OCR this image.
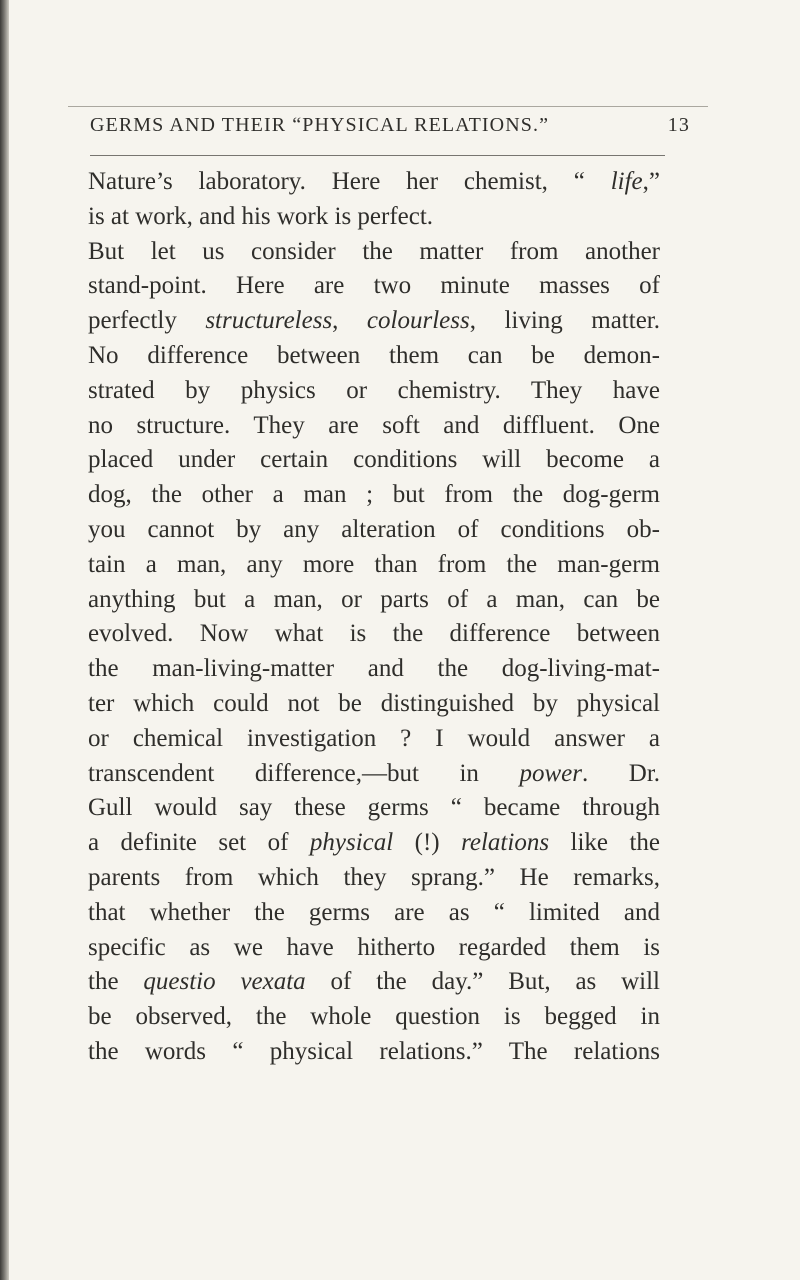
GERMS AND THEIR “PHYSICAL RELATIONS.”	13
Nature’s laboratory. Here her chemist, “ life,”
is at work, and his work is perfect.
But let us consider the matter from another
stand-point. Here are two minute masses of
perfectly structureless, colourless, living matter.
No difference between them can be demon-
strated by physics or chemistry. They have
no structure. They are soft and diffluent. One
placed under certain conditions will become a
dog, the other a man ; but from the dog-germ
you cannot by any alteration of conditions ob-
tain a man, any more than from the man-germ
anything but a man, or parts of a man, can be
evolved. Now what is the difference between
the man-living-matter and the dog-living-mat-
ter which could not be distinguished by physical
or chemical investigation ? I would answer a
transcendent difference,—but in power. Dr.
Gull would say these germs “ became through
a definite set of physical (!) relations like the
parents from which they sprang.” He remarks,
that whether the germs are as “ limited and
specific as we have hitherto regarded them is
the questio vexata of the day.” But, as will
be observed, the whole question is begged in
the words “ physical relations.” The relations
